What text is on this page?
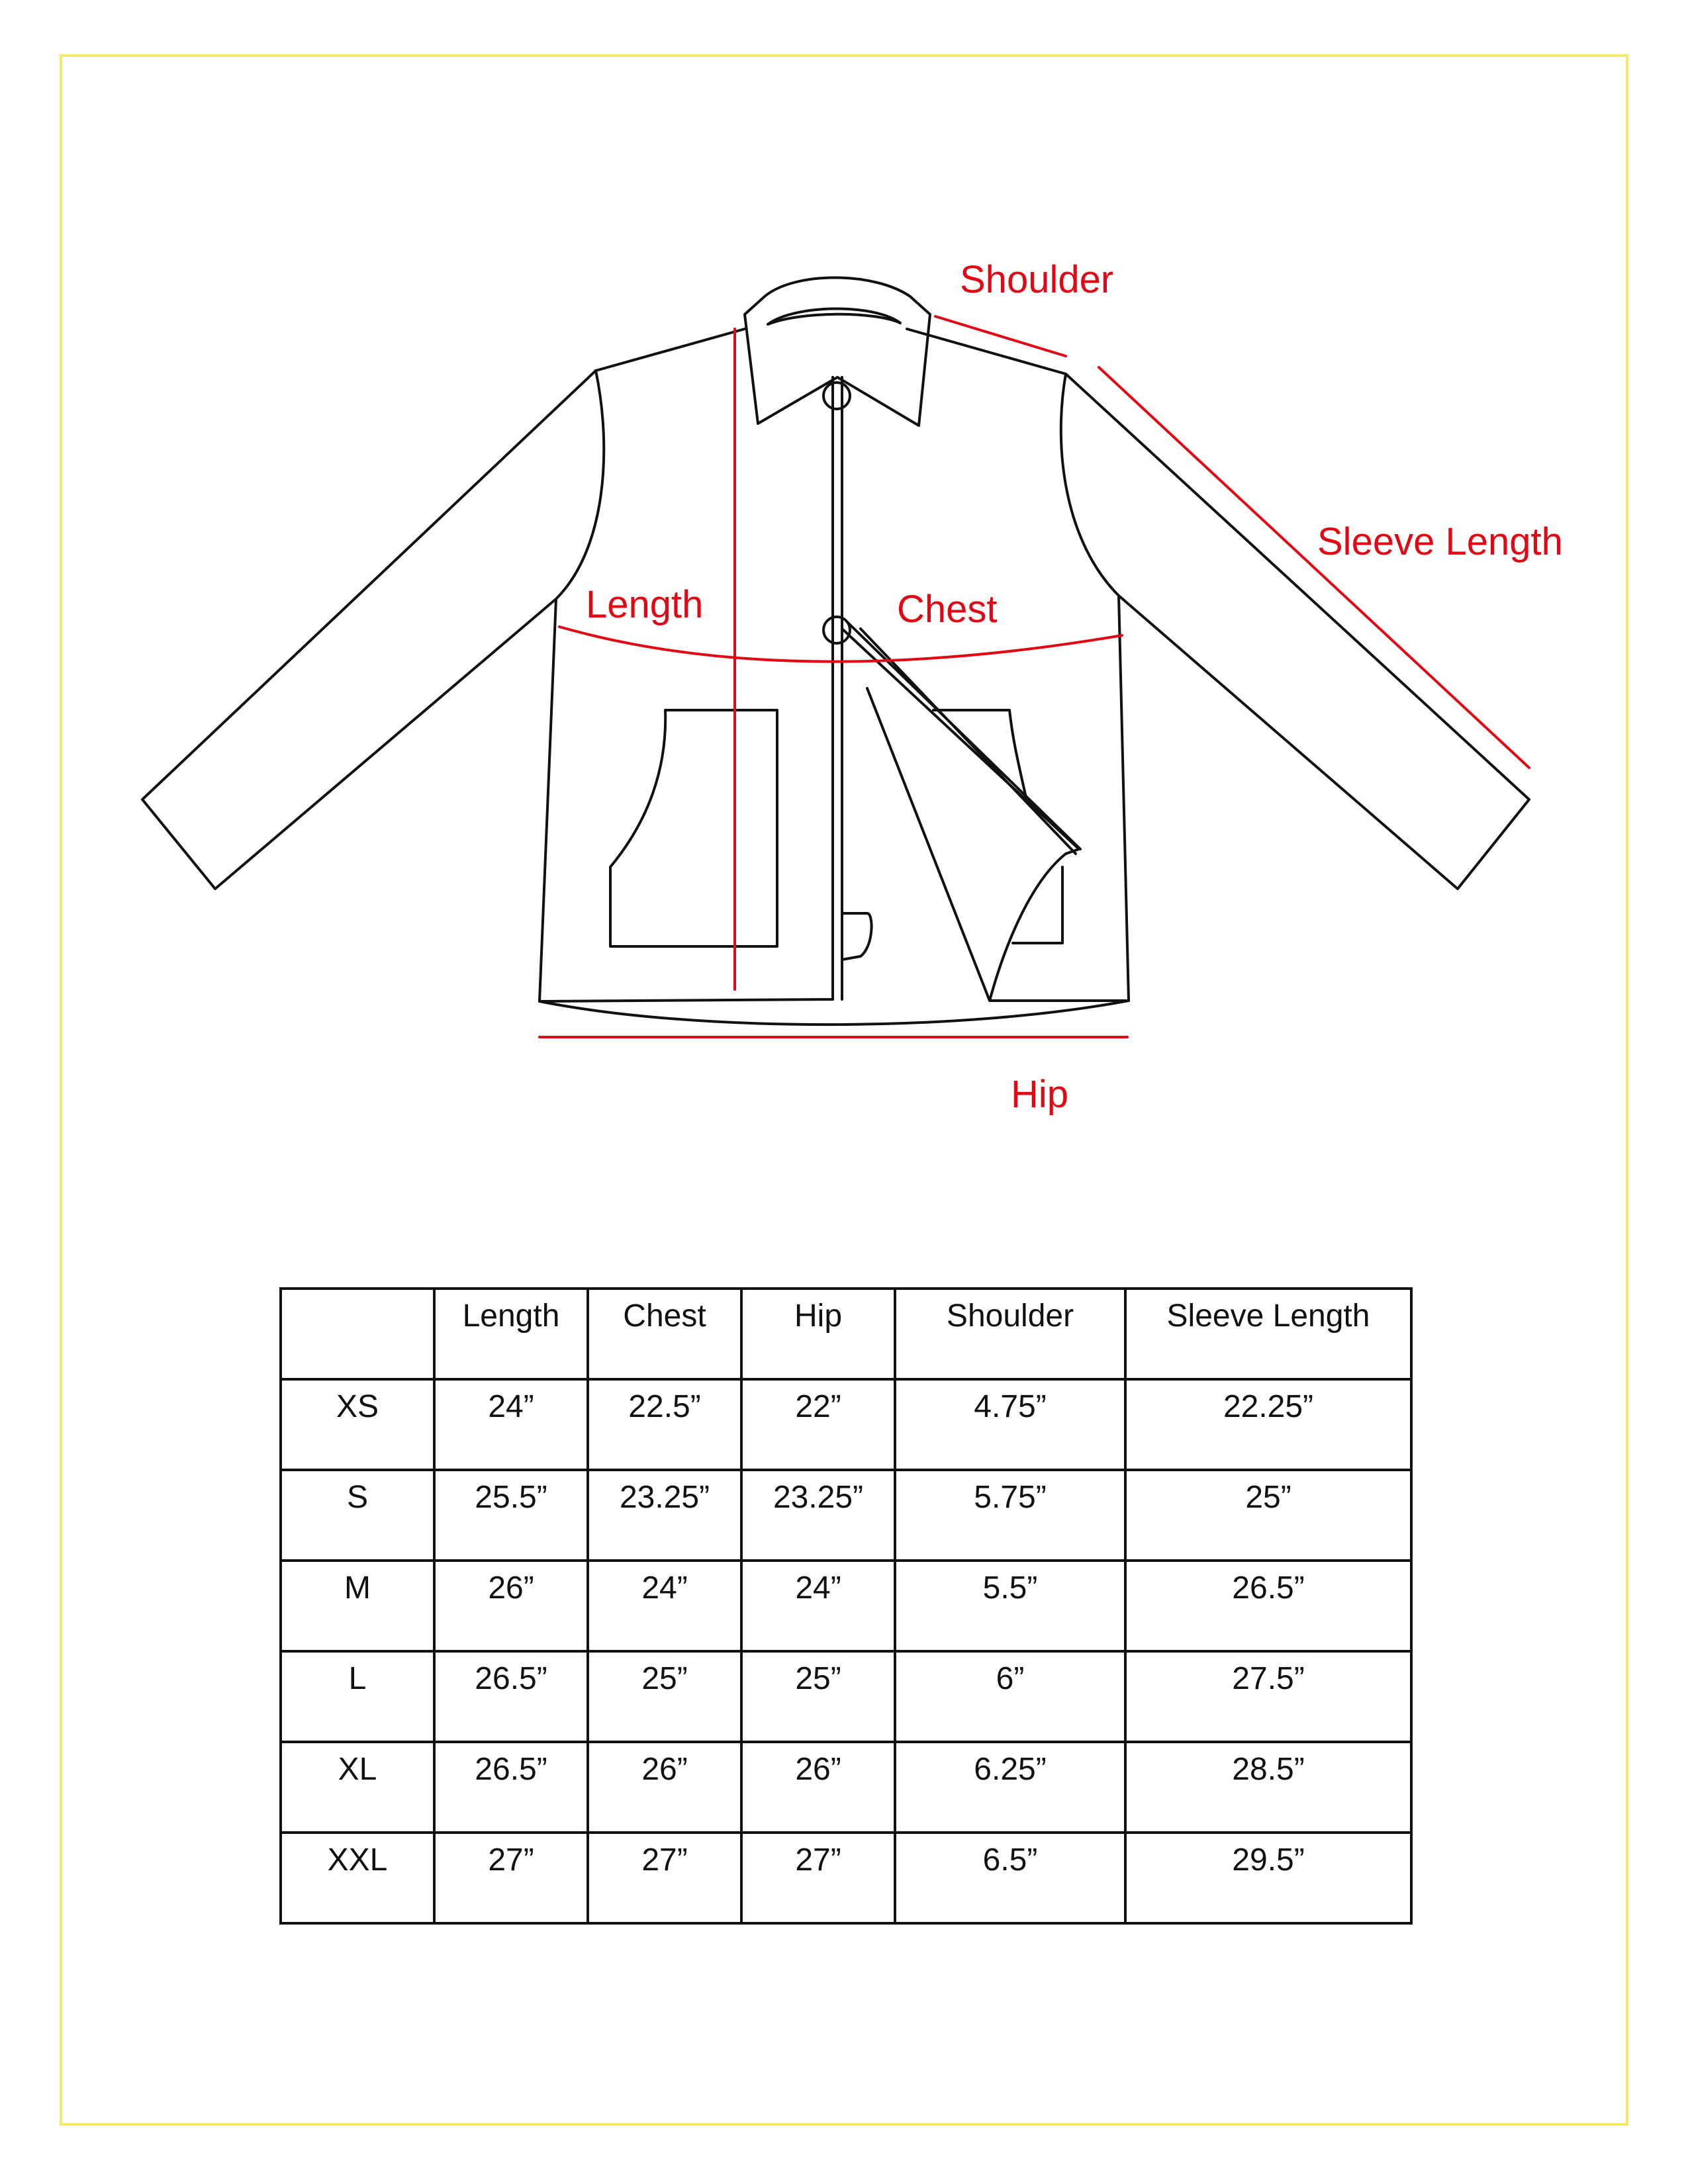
Shoulder
Sleeve Length
Length	Chest
Hip
	Length	Chest	Hip	Shoulder	Sleeve Length
XS	24”	22.5”	22”	4.75”	22.25”
S	25.5”	23.25”	23.25”	5.75”	25”
M	26”	24”	24”	5.5”	26.5”
L	26.5”	25”	25”	6”	27.5”
XL	26.5”	26”	26”	6.25”	28.5”
XXL	27”	27”	27”	6.5”	29.5”
